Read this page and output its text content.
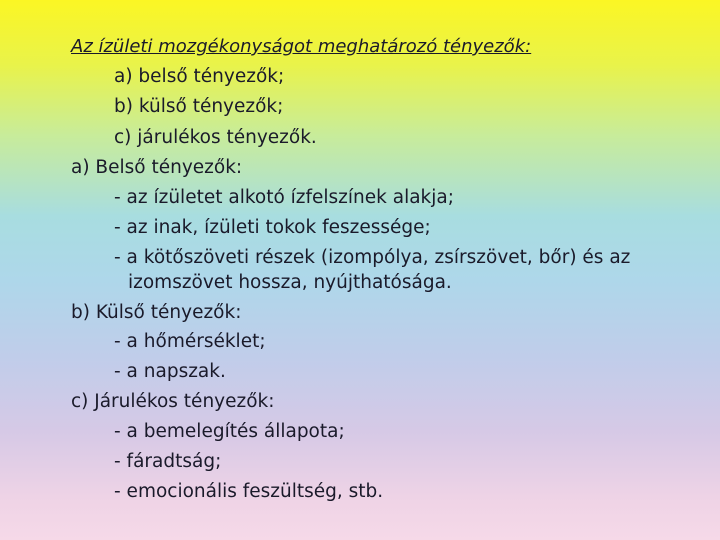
Az ízületi mozgékonyságot meghatározó tényezők:
a) belső tényezők;
b) külső tényezők;
c) járulékos tényezők.
a) Belső tényezők:
- az ízületet alkotó ízfelszínek alakja;
- az inak, ízületi tokok feszessége;
- a kötőszöveti részek (izompólya, zsírszövet, bőr) és az
izomszövet hossza, nyújthatósága.
b) Külső tényezők:
- a hőmérséklet;
- a napszak.
c) Járulékos tényezők:
- a bemelegítés állapota;
- fáradtság;
- emocionális feszültség, stb.
